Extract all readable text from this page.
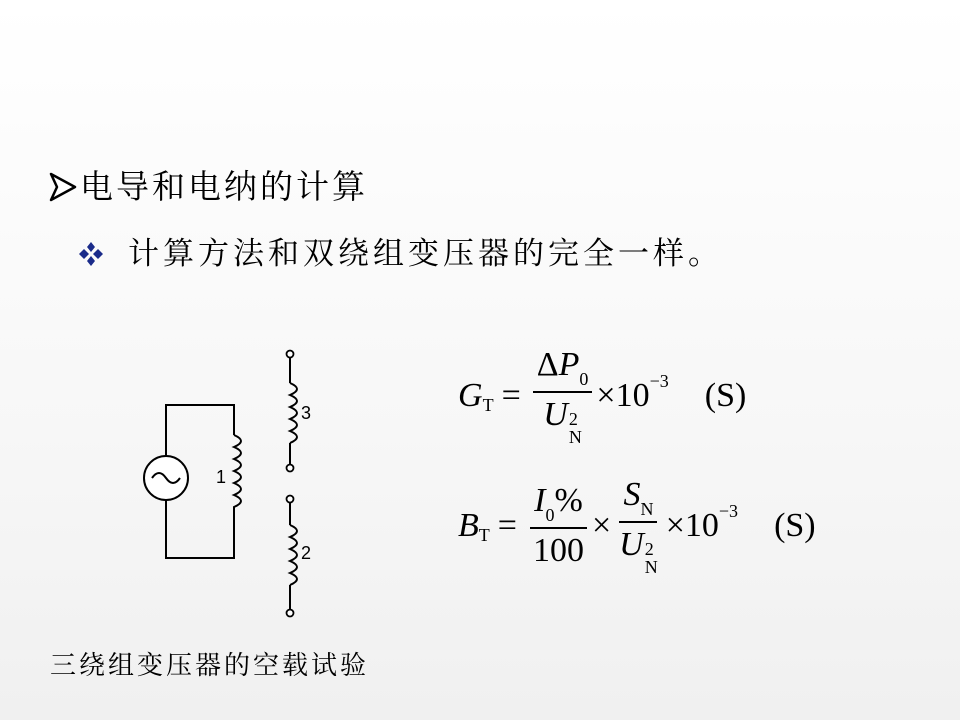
电导和电纳的计算
计算方法和双绕组变压器的完全一样。
3
1
2
三绕组变压器的空载试验
G $T = \Delta P_0$
U 2
N × 10 −3 (S)
B $T = \frac{I_0\%}{100} \times S_N$
U 2
N × 10 −3 (S)
